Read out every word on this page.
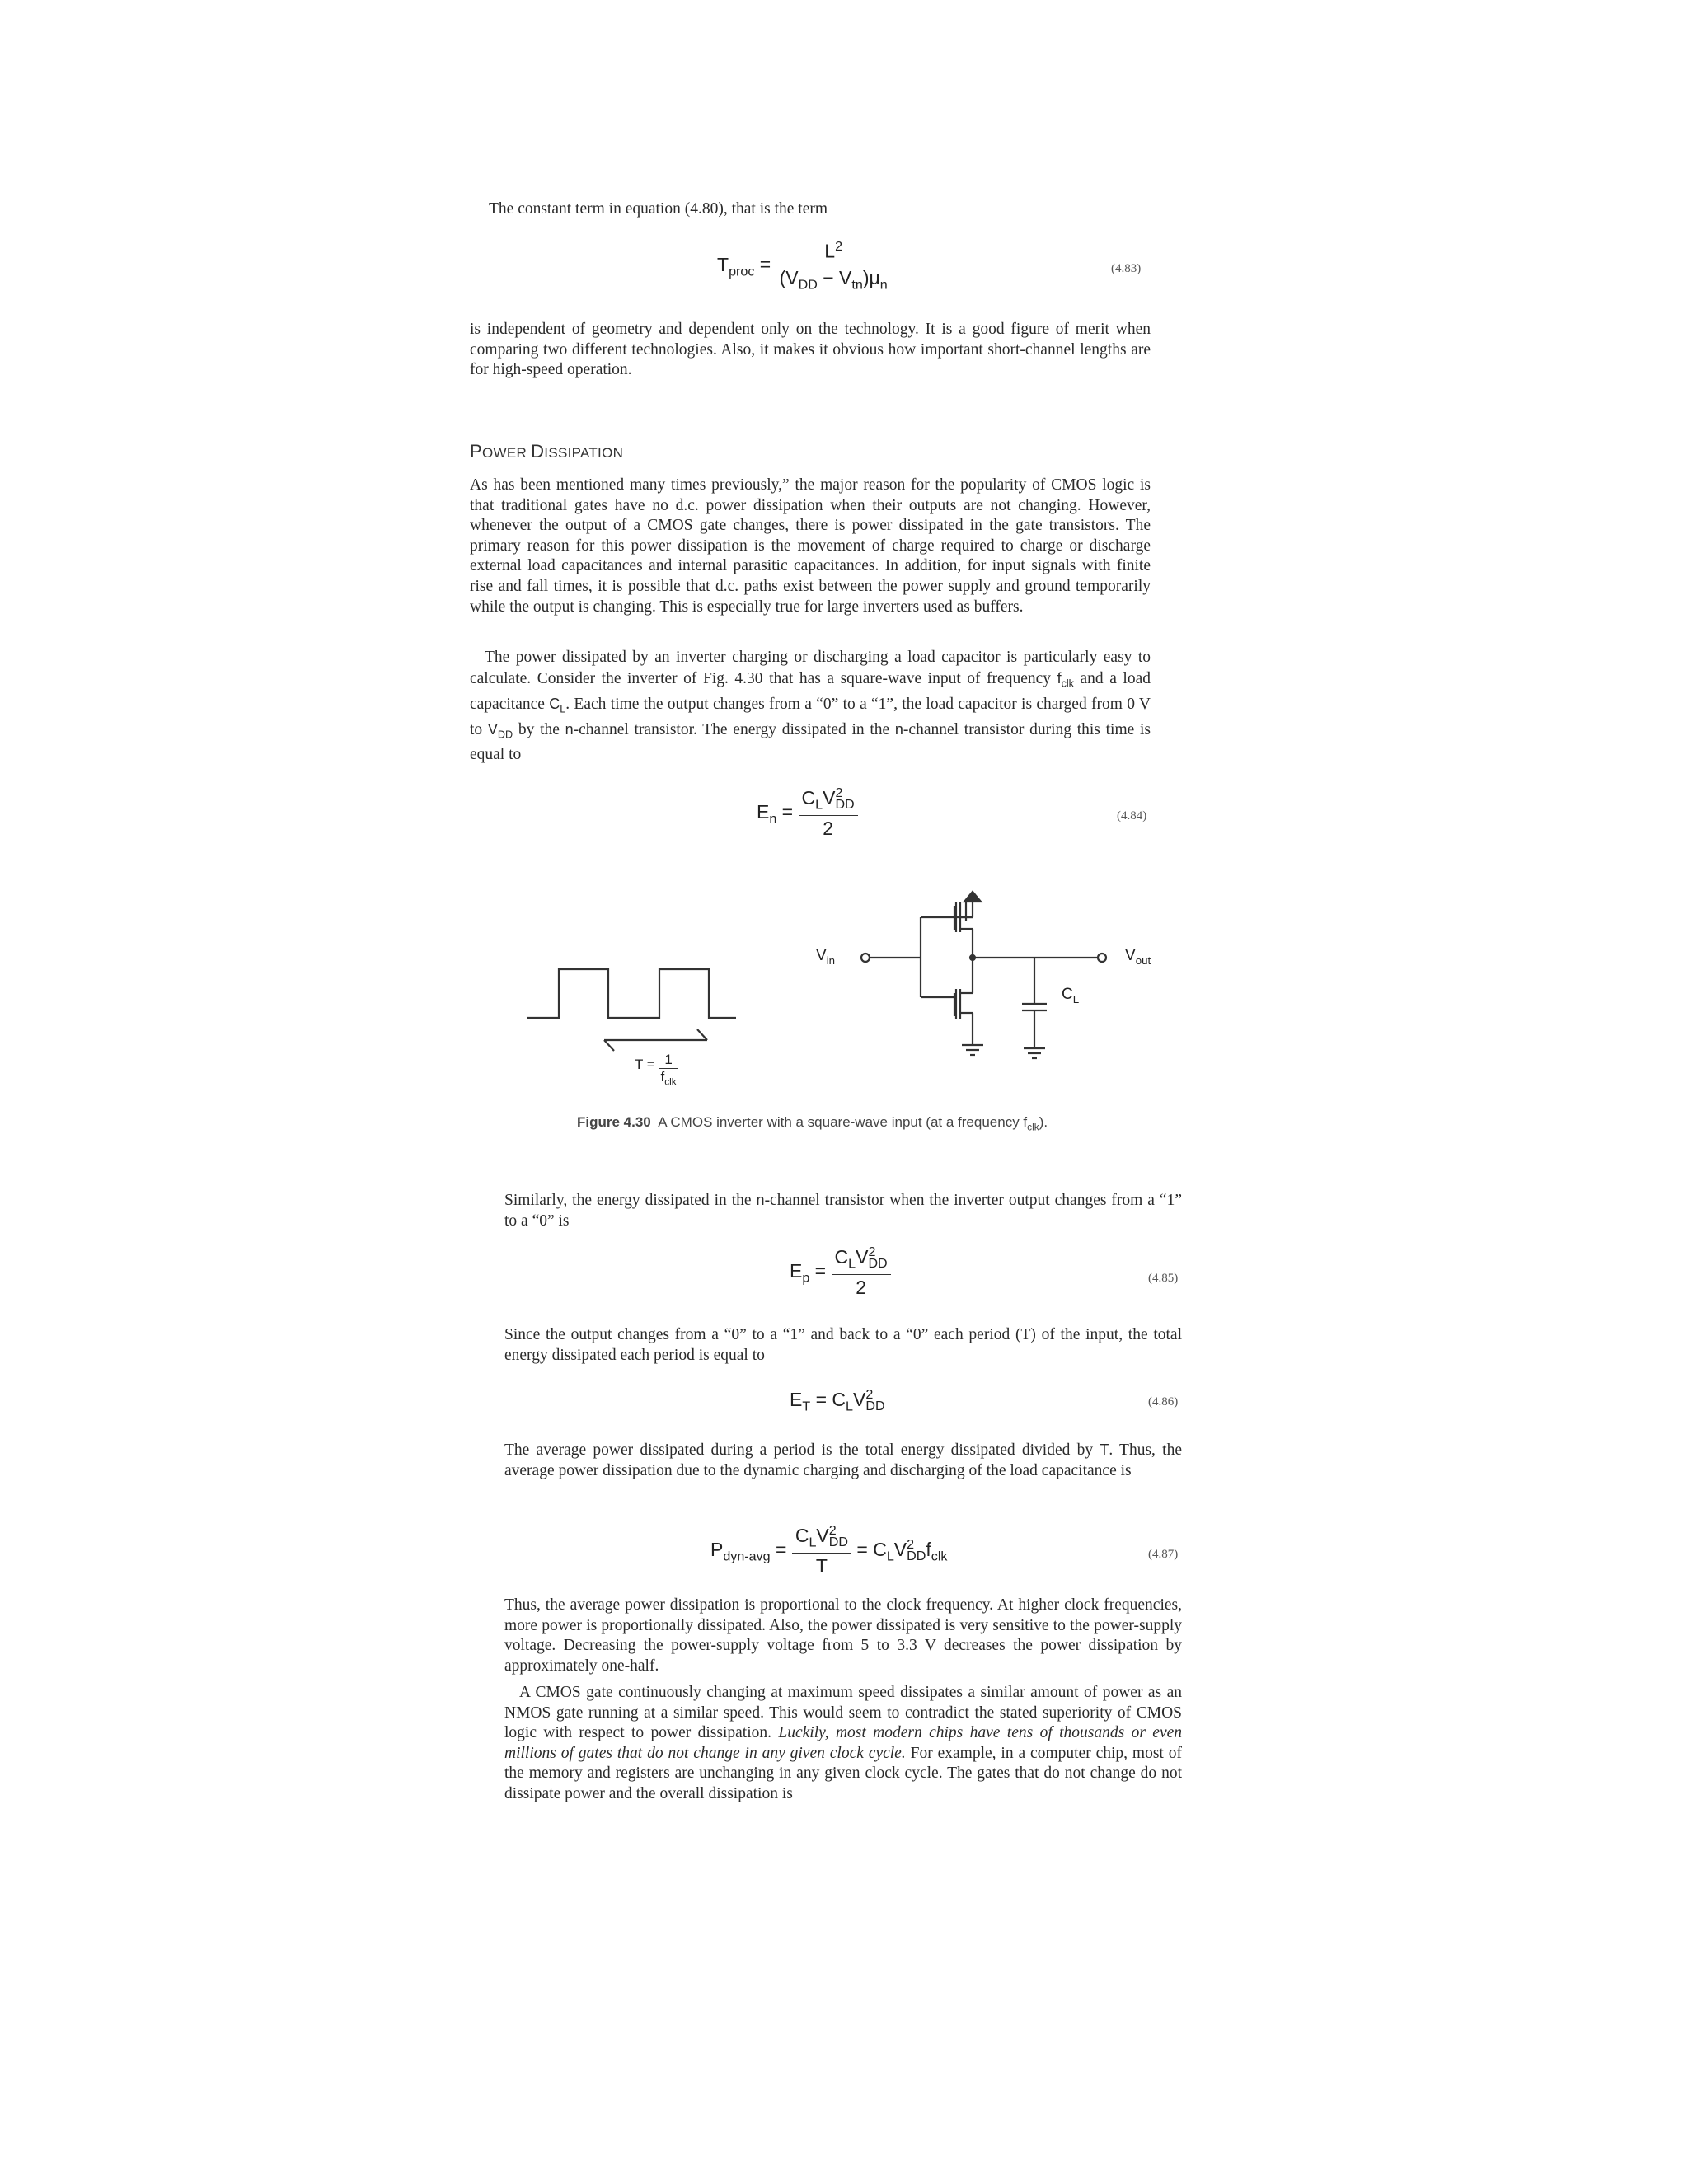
The constant term in equation (4.80), that is the term

$T_{proc} = \frac{L^2}{(V_{DD} - V_{tn})\mu_n}$	(4.83)

is independent of geometry and dependent only on the technology. It is a good figure of merit when comparing two different technologies. Also, it makes it obvious how important short-channel lengths are for high-speed operation.

POWER DISSIPATION

As has been mentioned many times previously,” the major reason for the popularity of CMOS logic is that traditional gates have no d.c. power dissipation when their outputs are not changing. However, whenever the output of a CMOS gate changes, there is power dissipated in the gate transistors. The primary reason for this power dissipation is the movement of charge required to charge or discharge external load capacitances and internal parasitic capacitances. In addition, for input signals with finite rise and fall times, it is possible that d.c. paths exist between the power supply and ground temporarily while the output is changing. This is especially true for large inverters used as buffers.

The power dissipated by an inverter charging or discharging a load capacitor is particularly easy to calculate. Consider the inverter of Fig. 4.30 that has a square-wave input of frequency $f_{clk}$ and a load capacitance $C_L$. Each time the output changes from a “0” to a “1”, the load capacitor is charged from 0 V to $V_{DD}$ by the n-channel transistor. The energy dissipated in the n-channel transistor during this time is equal to

$E_n = C_LV$ 2
DD
2	(4.84)
$V_{in}$	$V_{out}$
$C_L$
$T = \frac{1}{f_{clk}}$
Figure 4.30 A CMOS inverter with a square-wave input (at a frequency $f_{clk}$).

Similarly, the energy dissipated in the n-channel transistor when the inverter output changes from a “1” to a “0” is

$E_p = C_LV$ 2
DD
2	(4.85)

Since the output changes from a “0” to a “1” and back to a “0” each period (T) of the input, the total energy dissipated each period is equal to

$E_T = C_LV$ 2
DD	(4.86)

The average power dissipated during a period is the total energy dissipated divided by T. Thus, the average power dissipation due to the dynamic charging and discharging of the load capacitance is

$P_{dyn-avg} = C_LV$ 2
DD
$T = C_LV$ 2
DD $f_{clk}$	(4.87)

Thus, the average power dissipation is proportional to the clock frequency. At higher clock frequencies, more power is proportionally dissipated. Also, the power dissipated is very sensitive to the power-supply voltage. Decreasing the power-supply voltage from 5 to 3.3 V decreases the power dissipation by approximately one-half.

A CMOS gate continuously changing at maximum speed dissipates a similar amount of power as an NMOS gate running at a similar speed. This would seem to contradict the stated superiority of CMOS logic with respect to power dissipation. Luckily, most modern chips have tens of thousands or even millions of gates that do not change in any given clock cycle. For example, in a computer chip, most of the memory and registers are unchanging in any given clock cycle. The gates that do not change do not dissipate power and the overall dissipation is
